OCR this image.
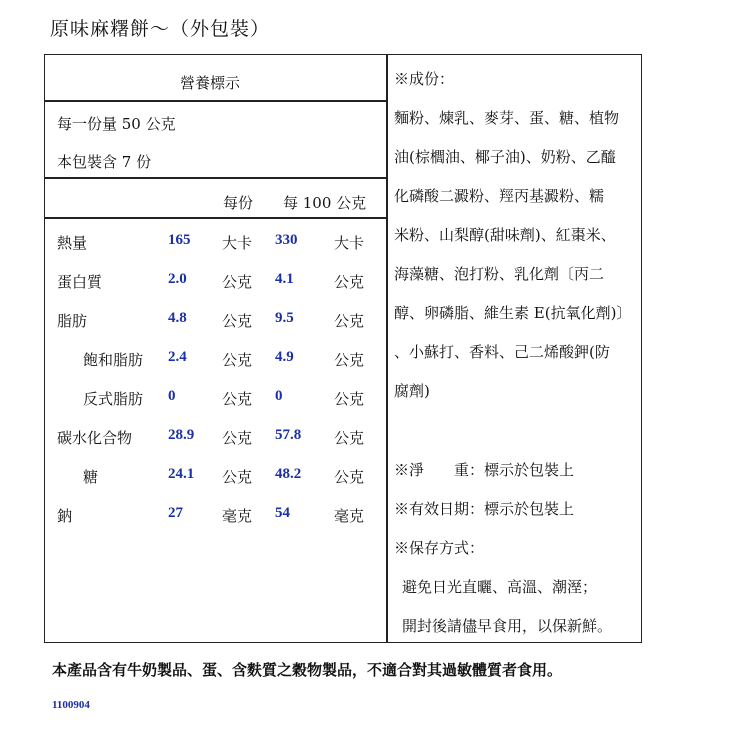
原味麻糬餅～（外包裝）
營養標示
每一份量 50 公克
本包裝含 7 份
每份 每 100 公克
熱量	165 大卡 330 大卡
蛋白質	2.0 公克 4.1	公克
脂肪	4.8 公克 9.5	公克
飽和脂肪 2.4 公克 4.9	公克
反式脂肪 0	公克 0	公克
碳水化合物 28.9 公克 57.8 公克
糖	24.1 公克 48.2 公克
鈉	27	毫克 54	毫克
※成份：
麵粉、煉乳、麥芽、蛋、糖、植物
油(棕櫚油、椰子油)、奶粉、乙醯
化磷酸二澱粉、羥丙基澱粉、糯
米粉、山梨醇(甜味劑)、紅棗米、
海藻糖、泡打粉、乳化劑〔丙二
醇、卵磷脂、維生素 E(抗氧化劑)〕
、小蘇打、香料、己二烯酸鉀(防
腐劑)
※淨　　重：標示於包裝上
※有效日期：標示於包裝上
※保存方式：
避免日光直曬、高溫、潮溼；
開封後請儘早食用，以保新鮮。
本產品含有牛奶製品、蛋、含麩質之穀物製品，不適合對其過敏體質者食用。
1100904
